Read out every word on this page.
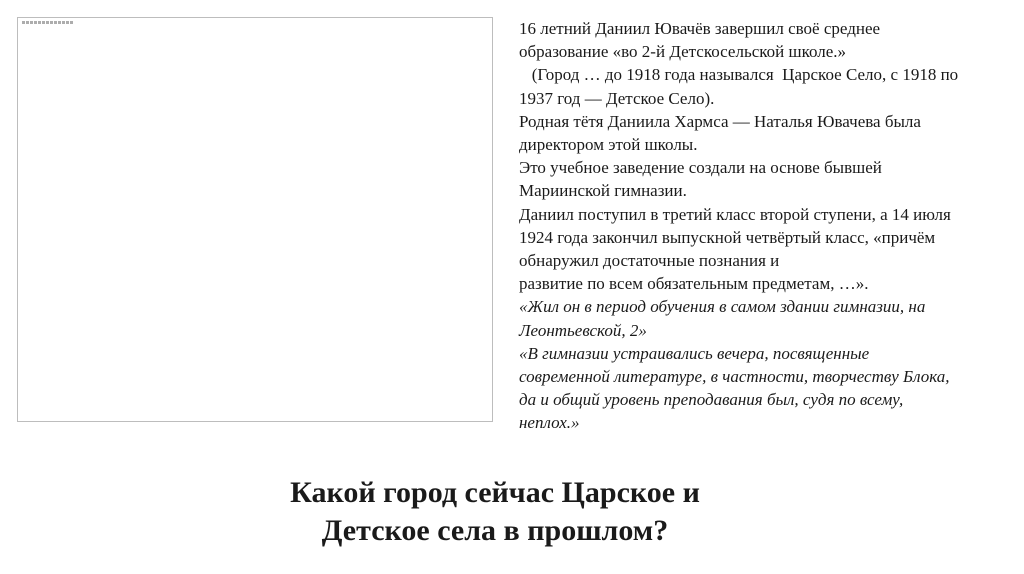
16 летний Даниил Ювачёв завершил своё среднее
образование «во 2-й Детскосельской школе.»
(Город … до 1918 года назывался  Царское Село, с 1918 по
1937 год — Детское Село).
Родная тётя Даниила Хармса — Наталья Ювачева была
директором этой школы.
Это учебное заведение создали на основе бывшей
Мариинской гимназии.
Даниил поступил в третий класс второй ступени, а 14 июля
1924 года закончил выпускной четвёртый класс, «причём
обнаружил достаточные познания и
развитие по всем обязательным предметам, …».
«Жил он в период обучения в самом здании гимназии, на
Леонтьевской, 2»
«В гимназии устраивались вечера, посвященные
современной литературе, в частности, творчеству Блока,
да и общий уровень преподавания был, судя по всему,
неплох.»
Какой город сейчас Царское и
Детское села в прошлом?
